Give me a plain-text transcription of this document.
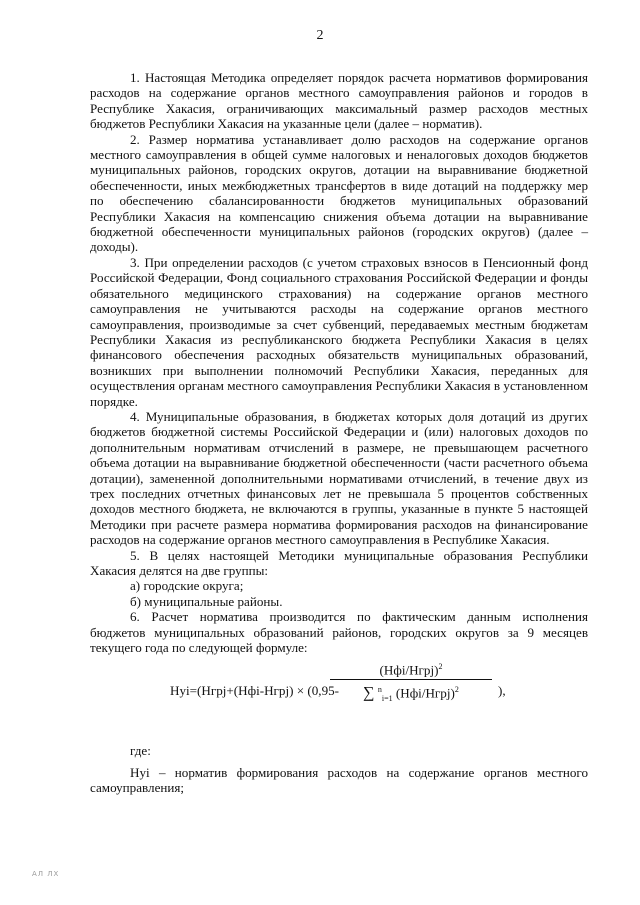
2

1. Настоящая Методика определяет порядок расчета нормативов формирования расходов на содержание органов местного самоуправления районов и городов в Республике Хакасия, ограничивающих максимальный размер расходов местных бюджетов Республики Хакасия на указанные цели (далее – норматив).

2. Размер норматива устанавливает долю расходов на содержание органов местного самоуправления в общей сумме налоговых и неналоговых доходов бюджетов муниципальных районов, городских округов, дотации на выравнивание бюджетной обеспеченности, иных межбюджетных трансфертов в виде дотаций на поддержку мер по обеспечению сбалансированности бюджетов муниципальных образований Республики Хакасия на компенсацию снижения объема дотации на выравнивание бюджетной обеспеченности муниципальных районов (городских округов) (далее – доходы).

3. При определении расходов (с учетом страховых взносов в Пенсионный фонд Российской Федерации, Фонд социального страхования Российской Федерации и фонды обязательного медицинского страхования) на содержание органов местного самоуправления не учитываются расходы на содержание органов местного самоуправления, производимые за счет субвенций, передаваемых местным бюджетам Республики Хакасия из республиканского бюджета Республики Хакасия в целях финансового обеспечения расходных обязательств муниципальных образований, возникших при выполнении полномочий Республики Хакасия, переданных для осуществления органам местного самоуправления Республики Хакасия в установленном порядке.

4. Муниципальные образования, в бюджетах которых доля дотаций из других бюджетов бюджетной системы Российской Федерации и (или) налоговых доходов по дополнительным нормативам отчислений в размере, не превышающем расчетного объема дотации на выравнивание бюджетной обеспеченности (части расчетного объема дотации), замененной дополнительными нормативами отчислений, в течение двух из трех последних отчетных финансовых лет не превышала 5 процентов собственных доходов местного бюджета, не включаются в группы, указанные в пункте 5 настоящей Методики при расчете размера норматива формирования расходов на финансирование расходов на содержание органов местного самоуправления в Республике Хакасия.

5. В целях настоящей Методики муниципальные образования Республики Хакасия делятся на две группы:

а) городские округа;

б) муниципальные районы.

6. Расчет норматива производится по фактическим данным исполнения бюджетов муниципальных образований районов, городских округов за 9 месяцев текущего года по следующей формуле:

Нуi=(Нгрj+(Нфi-Нгрj) × (0,95-
(Нфi/Нгрj)$^2$
∑ $^n_{i=1}$ (Нфi/Нгрj)$^2$	),

где:

Нуi – норматив формирования расходов на содержание органов местного самоуправления;

АЛ ЛХ
